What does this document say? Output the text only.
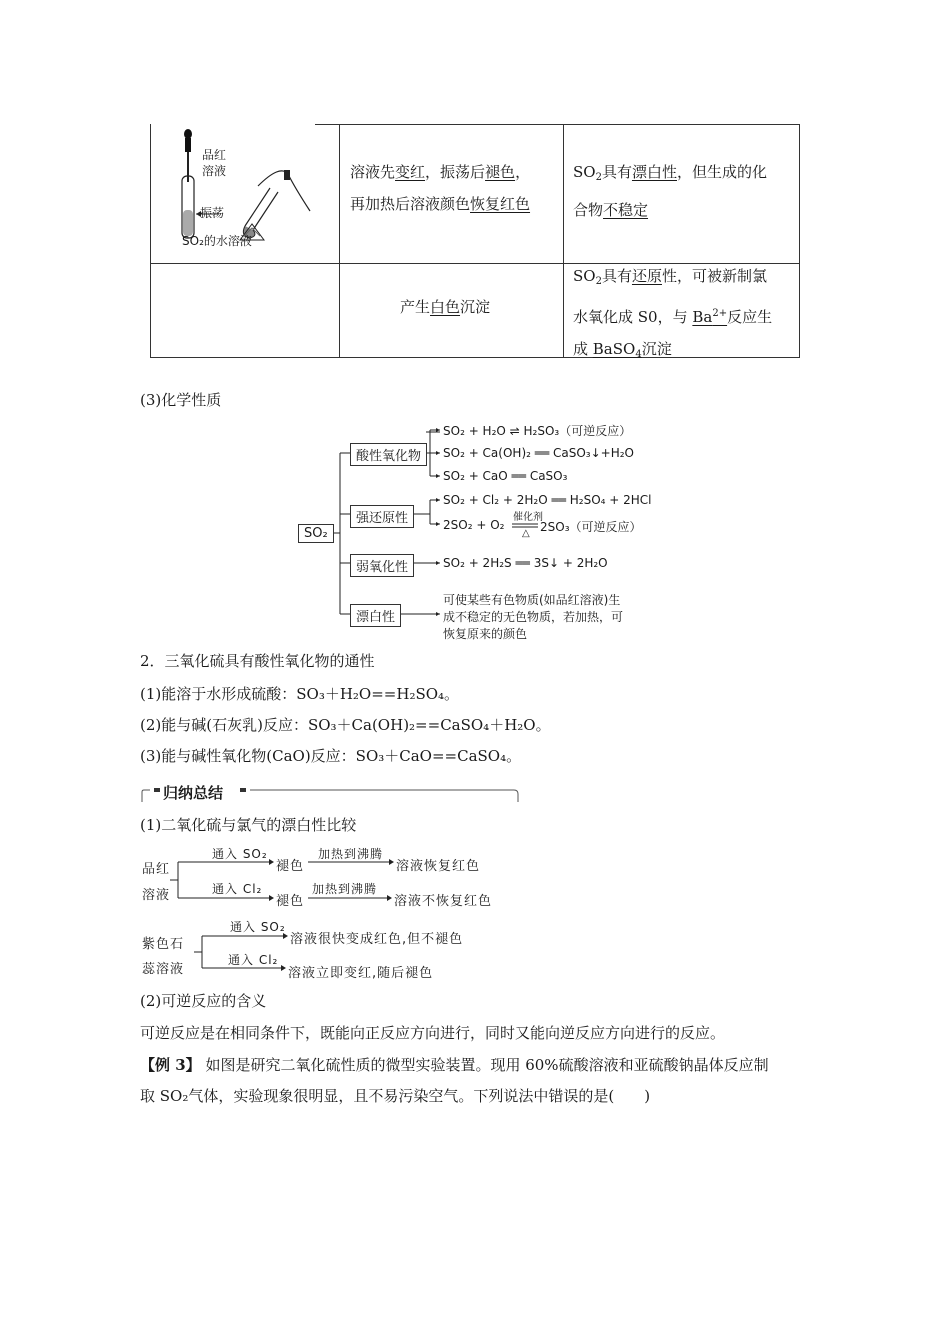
品红
溶液
振荡
SO₂的水溶液
溶液先变红，振荡后褪色，
再加热后溶液颜色恢复红色
$SO_2$具有漂白性，但生成的化
合物不稳定
产生白色沉淀
$SO_2$具有还原性，可被新制氯
水氧化成 S0，与 $Ba^{2+}$反应生
成 BaSO$_4$沉淀
(3)化学性质
SO₂
酸性氧化物
强还原性
弱氧化性
漂白性
SO₂ + H₂O ⇌ H₂SO₃（可逆反应）
SO₂ + Ca(OH)₂ ══ CaSO₃↓+H₂O
SO₂ + CaO ══ CaSO₃
SO₂ + Cl₂ + 2H₂O ══ H₂SO₄ + 2HCl
2SO₂ + O₂
催化剂
△ 2SO₃（可逆反应）
SO₂ + 2H₂S ══ 3S↓ + 2H₂O
可使某些有色物质(如品红溶液)生
成不稳定的无色物质，若加热，可
恢复原来的颜色
2．三氧化硫具有酸性氧化物的通性
(1)能溶于水形成硫酸：SO₃＋H₂O==H₂SO₄。
(2)能与碱(石灰乳)反应：SO₃＋Ca(OH)₂==CaSO₄＋H₂O。
(3)能与碱性氧化物(CaO)反应：SO₃＋CaO==CaSO₄。
归纳总结
(1)二氧化硫与氯气的漂白性比较
品红
溶液
通入 SO₂
褪色
加热到沸腾
溶液恢复红色
通入 Cl₂
褪色
加热到沸腾
溶液不恢复红色
紫色石
蕊溶液
通入 SO₂
溶液很快变成红色,但不褪色
通入 Cl₂
溶液立即变红,随后褪色
(2)可逆反应的含义
可逆反应是在相同条件下，既能向正反应方向进行，同时又能向逆反应方向进行的反应。
【例 3】 如图是研究二氧化硫性质的微型实验装置。现用 60%硫酸溶液和亚硫酸钠晶体反应制
取 SO₂气体，实验现象很明显，且不易污染空气。下列说法中错误的是(　　)
